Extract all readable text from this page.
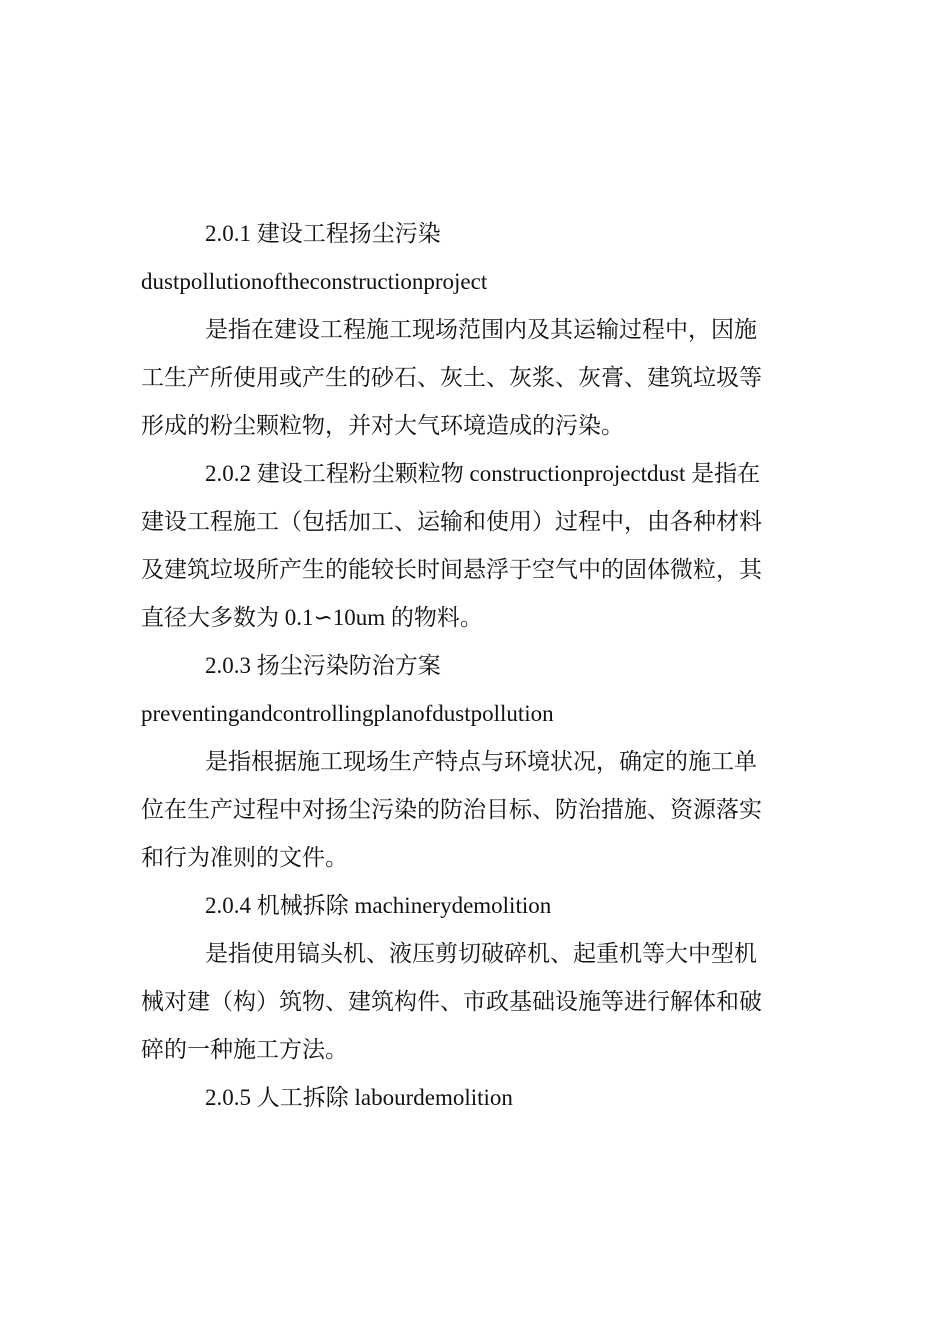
2.0.1 建设工程扬尘污染
dustpollutionoftheconstructionproject
是指在建设工程施工现场范围内及其运输过程中，因施
工生产所使用或产生的砂石、灰土、灰浆、灰膏、建筑垃圾等
形成的粉尘颗粒物，并对大气环境造成的污染。
2.0.2 建设工程粉尘颗粒物 constructionprojectdust 是指在
建设工程施工（包括加工、运输和使用）过程中，由各种材料
及建筑垃圾所产生的能较长时间悬浮于空气中的固体微粒，其
直径大多数为 0.1∽10um 的物料。
2.0.3 扬尘污染防治方案
preventingandcontrollingplanofdustpollution
是指根据施工现场生产特点与环境状况，确定的施工单
位在生产过程中对扬尘污染的防治目标、防治措施、资源落实
和行为准则的文件。
2.0.4 机械拆除 machinerydemolition
是指使用镐头机、液压剪切破碎机、起重机等大中型机
械对建（构）筑物、建筑构件、市政基础设施等进行解体和破
碎的一种施工方法。
2.0.5 人工拆除 labourdemolition
